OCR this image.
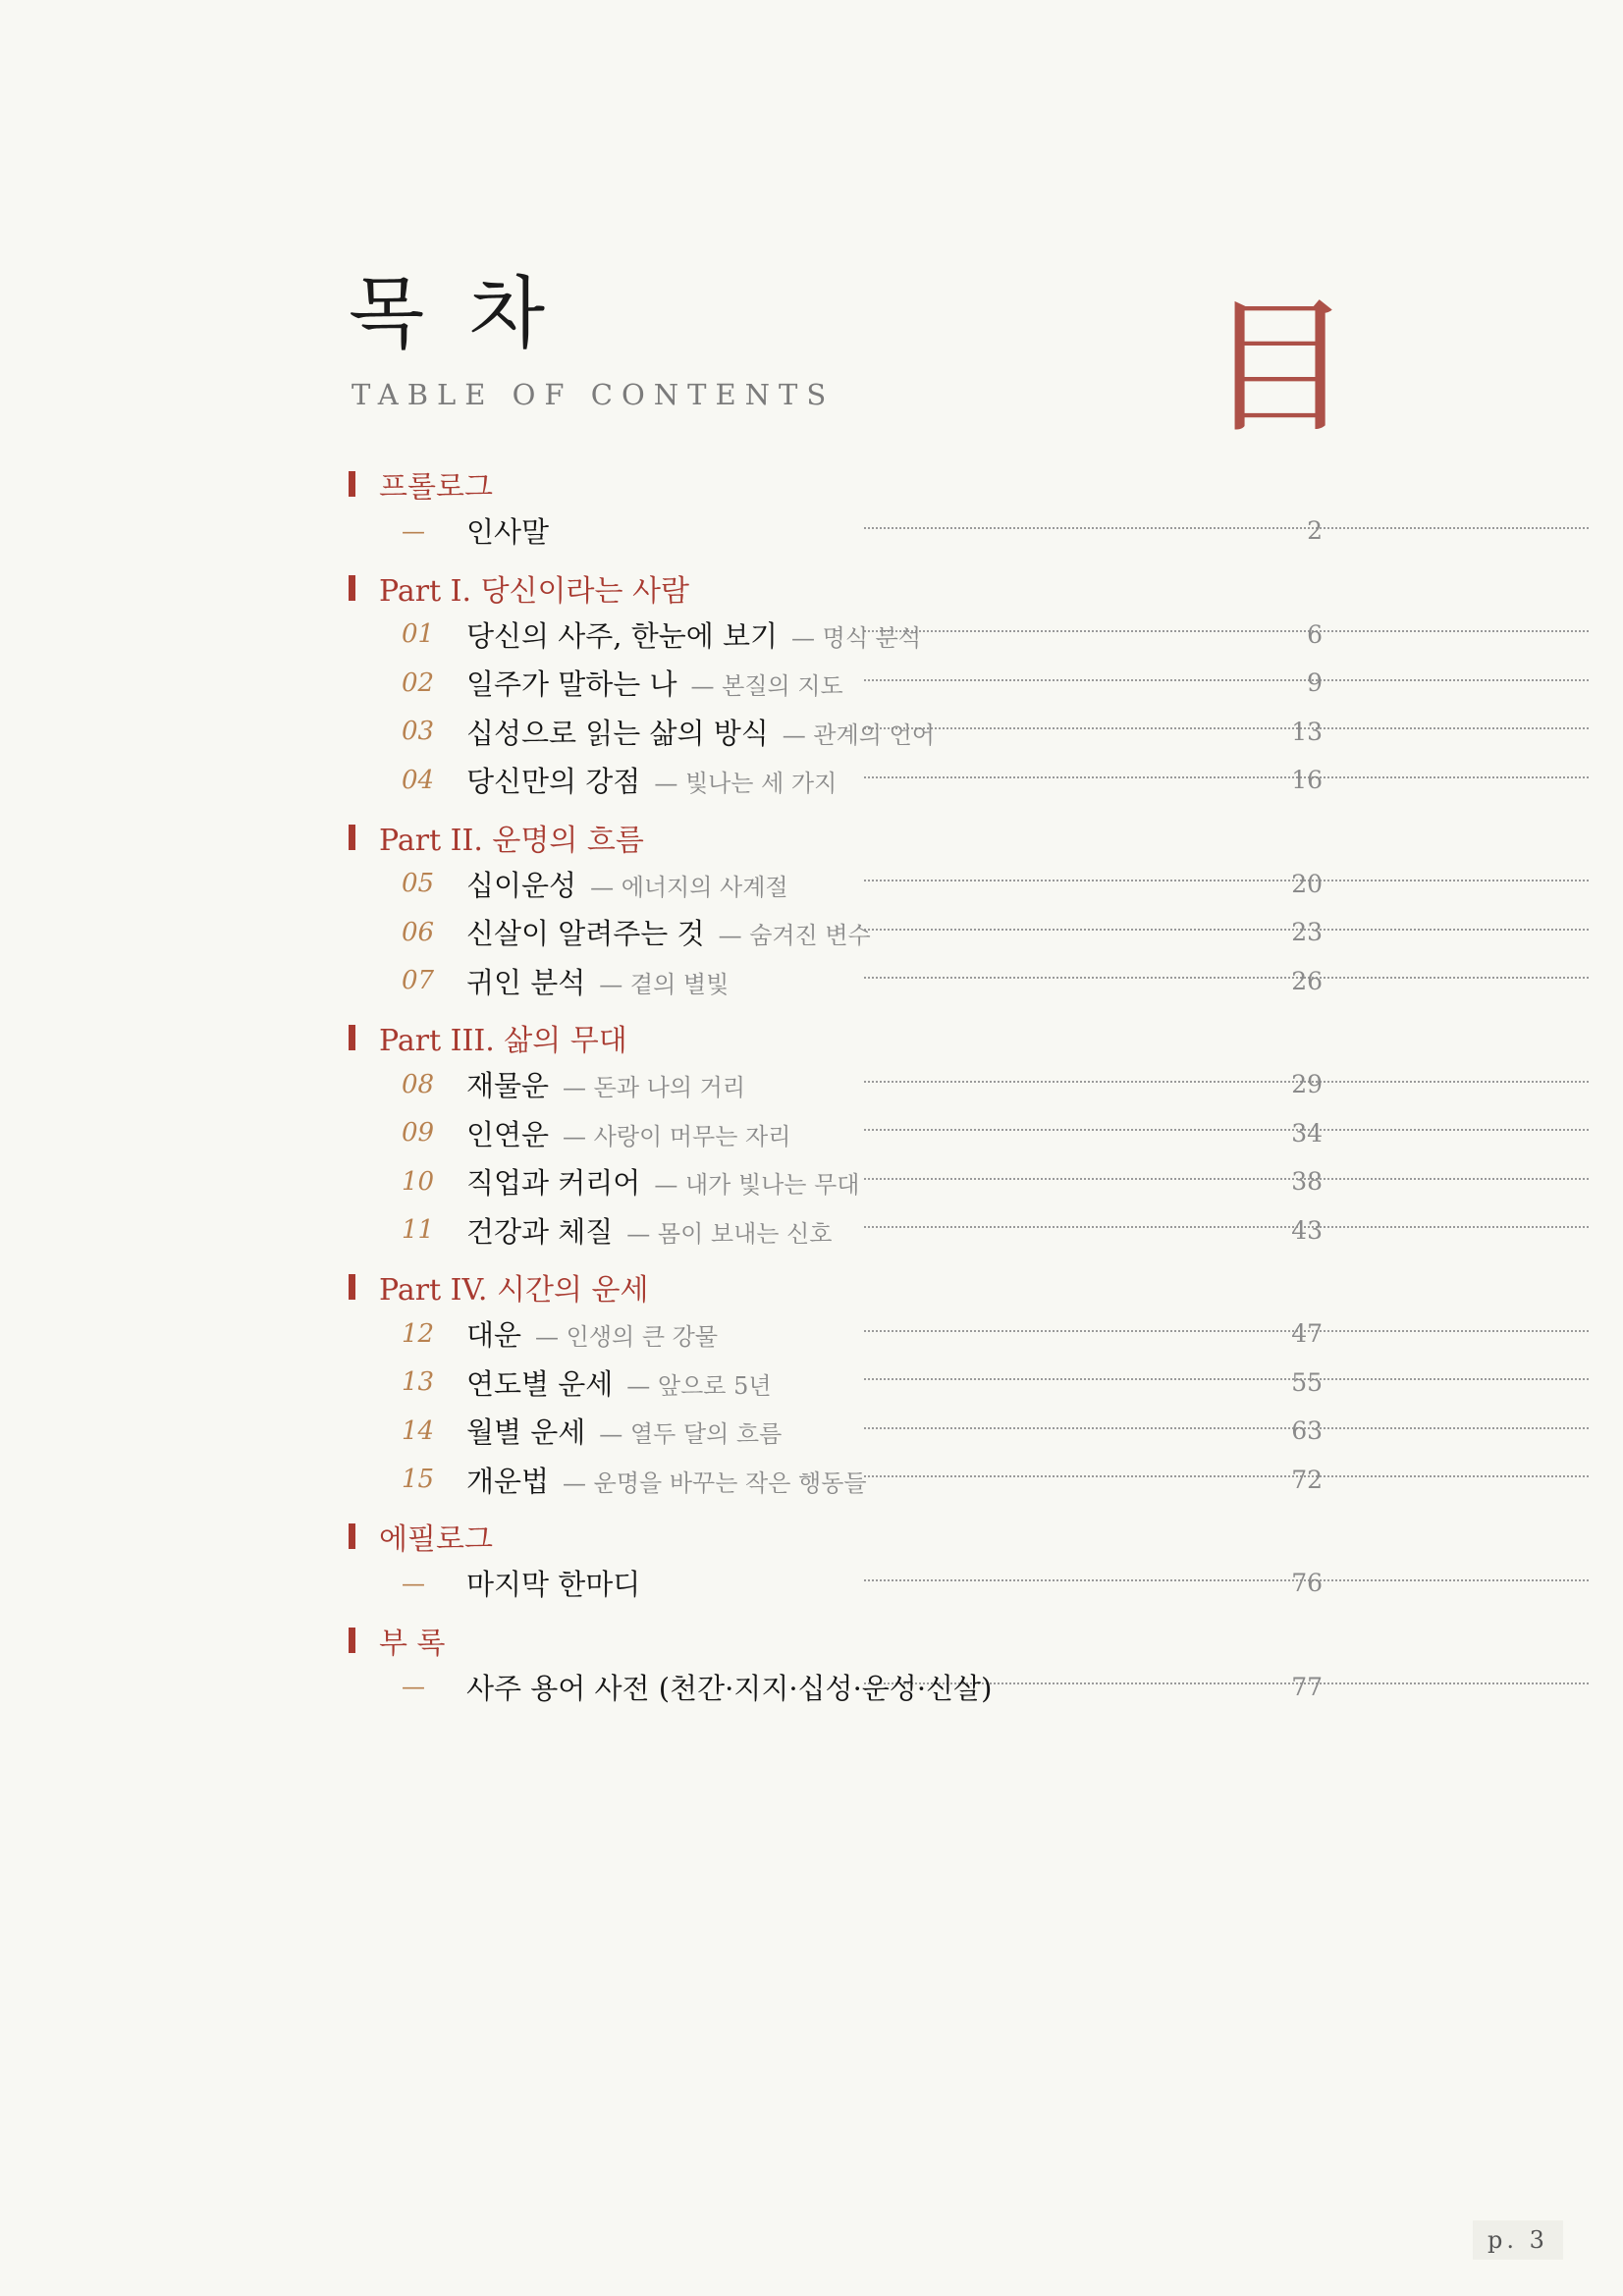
목 차
TABLE OF CONTENTS	目
프롤로그
— 인사말	2
Part I. 당신이라는 사람
01 당신의 사주, 한눈에 보기 — 명식 분석	6
02 일주가 말하는 나 — 본질의 지도	9
03 십성으로 읽는 삶의 방식 — 관계의 언어	13
04 당신만의 강점 — 빛나는 세 가지	16
Part II. 운명의 흐름
05 십이운성 — 에너지의 사계절	20
06 신살이 알려주는 것 — 숨겨진 변수	23
07 귀인 분석 — 곁의 별빛	26
Part III. 삶의 무대
08 재물운 — 돈과 나의 거리	29
09 인연운 — 사랑이 머무는 자리	34
10 직업과 커리어 — 내가 빛나는 무대	38
11 건강과 체질 — 몸이 보내는 신호	43
Part IV. 시간의 운세
12 대운 — 인생의 큰 강물	47
13 연도별 운세 — 앞으로 5년	55
14 월별 운세 — 열두 달의 흐름	63
15 개운법 — 운명을 바꾸는 작은 행동들	72
에필로그
— 마지막 한마디	76
부 록
— 사주 용어 사전 (천간·지지·십성·운성·신살)	77
p. 3
